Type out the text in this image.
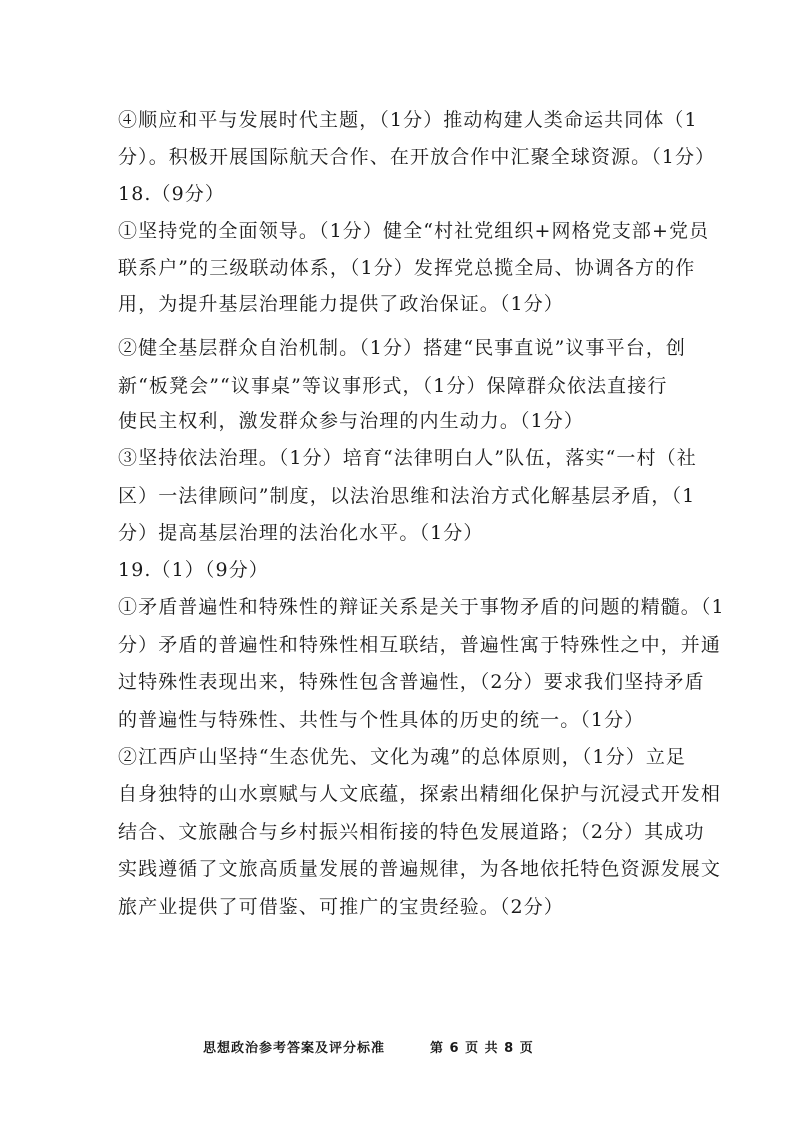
④顺应和平与发展时代主题，（1分）推动构建人类命运共同体（1
分）。积极开展国际航天合作、在开放合作中汇聚全球资源。（1分）
18.（9分）
①坚持党的全面领导。（1分）健全“村社党组织+网格党支部+党员
联系户”的三级联动体系，（1分）发挥党总揽全局、协调各方的作
用，为提升基层治理能力提供了政治保证。（1分）
②健全基层群众自治机制。（1分）搭建“民事直说”议事平台，创
新“板凳会”“议事桌”等议事形式，（1分）保障群众依法直接行
使民主权利，激发群众参与治理的内生动力。（1分）
③坚持依法治理。（1分）培育“法律明白人”队伍，落实“一村（社
区）一法律顾问”制度，以法治思维和法治方式化解基层矛盾，（1
分）提高基层治理的法治化水平。（1分）
19.（1）（9分）
①矛盾普遍性和特殊性的辩证关系是关于事物矛盾的问题的精髓。（1
分）矛盾的普遍性和特殊性相互联结，普遍性寓于特殊性之中，并通
过特殊性表现出来，特殊性包含普遍性，（2分）要求我们坚持矛盾
的普遍性与特殊性、共性与个性具体的历史的统一。（1分）
②江西庐山坚持“生态优先、文化为魂”的总体原则，（1分）立足
自身独特的山水禀赋与人文底蕴，探索出精细化保护与沉浸式开发相
结合、文旅融合与乡村振兴相衔接的特色发展道路；（2分）其成功
实践遵循了文旅高质量发展的普遍规律，为各地依托特色资源发展文
旅产业提供了可借鉴、可推广的宝贵经验。（2分）
思想政治参考答案及评分标准	第 6 页 共 8 页
